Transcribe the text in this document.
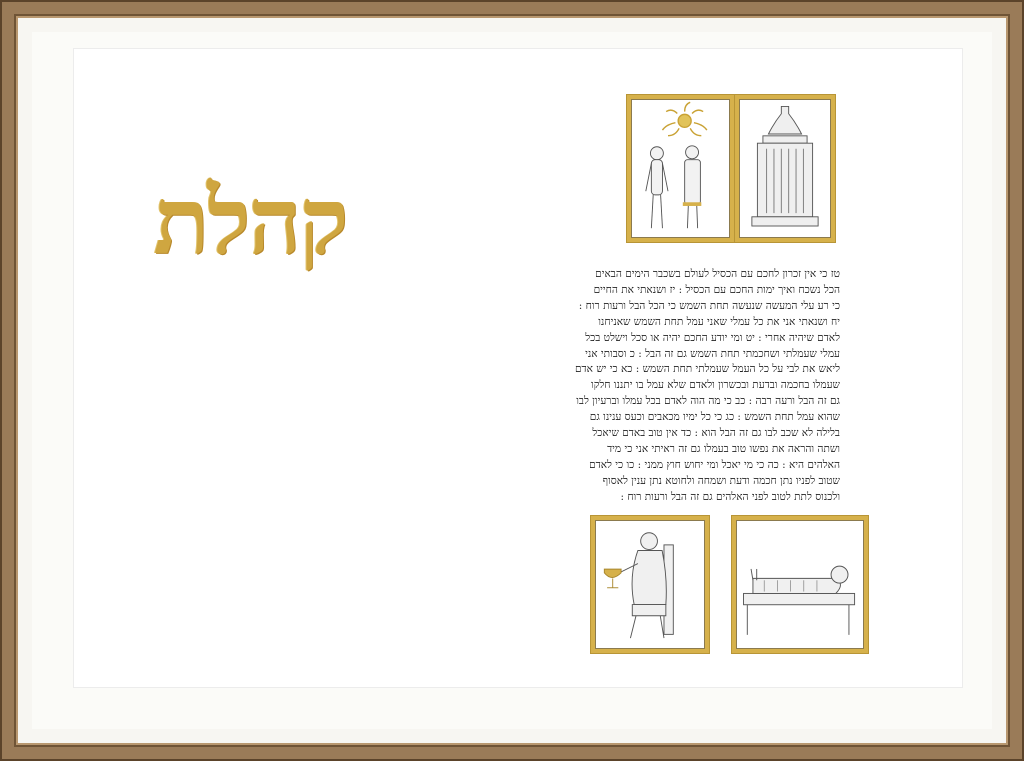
קהלת	טז כי אין זכרון לחכם עם הכסיל לעולם בשכבר הימים הבאים
הכל נשכח ואיך ימות החכם עם הכסיל : יז ושנאתי את החיים
כי רע עלי המעשה שנעשה תחת השמש כי הכל הבל ורעות רוח :
יח ושנאתי אני את כל עמלי שאני עמל תחת השמש שאניחנו
לאדם שיהיה אחרי : יט ומי יודע החכם יהיה או סכל וישלט בכל
עמלי שעמלתי ושחכמתי תחת השמש גם זה הבל : כ וסבותי אני
ליאש את לבי על כל העמל שעמלתי תחת השמש : כא כי יש אדם
שעמלו בחכמה ובדעת ובכשרון ולאדם שלא עמל בו יתננו חלקו
גם זה הבל ורעה רבה : כב כי מה הוה לאדם בכל עמלו וברעיון לבו
שהוא עמל תחת השמש : כג כי כל ימיו מכאבים וכעס ענינו גם
בלילה לא שכב לבו גם זה הבל הוא : כד אין טוב באדם שיאכל
ושתה והראה את נפשו טוב בעמלו גם זה ראיתי אני כי מיד
האלהים היא : כה כי מי יאכל ומי יחוש חוץ ממני : כו כי לאדם
שטוב לפניו נתן חכמה ודעת ושמחה ולחוטא נתן ענין לאסוף
ולכנוס לתת לטוב לפני האלהים גם זה הבל ורעות רוח :
